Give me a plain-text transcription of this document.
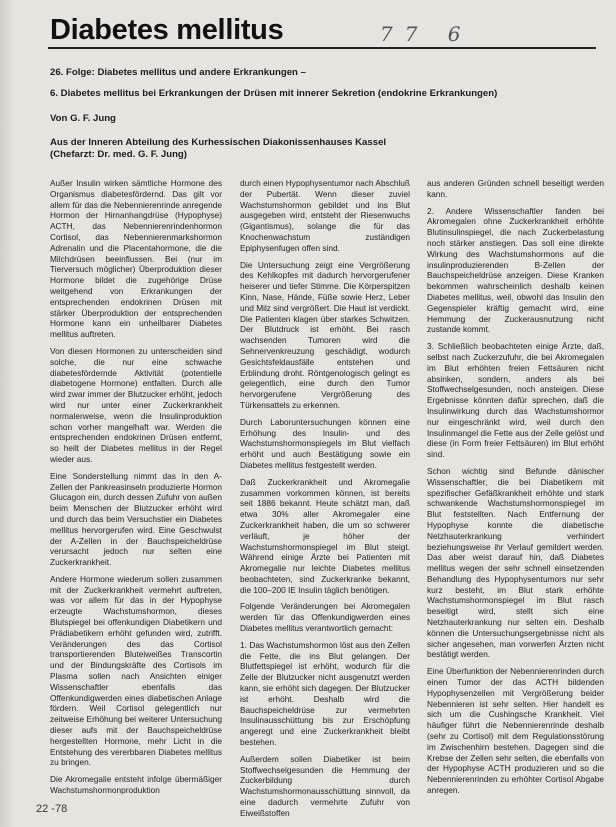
Diabetes mellitus	77 6

26. Folge: Diabetes mellitus und andere Erkrankungen –

6. Diabetes mellitus bei Erkrankungen der Drüsen mit innerer Sekretion (endokrine Erkrankungen)

Von G. F. Jung

Aus der Inneren Abteilung des Kurhessischen Diakonissenhauses Kassel

(Chefarzt: Dr. med. G. F. Jung)

Außer Insulin wirken sämtliche Hormone des Organismus diabetesfördernd. Das gilt vor allem für das die Nebennierenrinde anregende Hormon der Hirnanhangdrüse (Hypophyse) ACTH, das Nebennierenrindenhormon Cortisol, das Nebennierenmarkshormon Adrenalin und die Placentahormone, die die Milchdrüsen beeinflussen. Bei (nur im Tierversuch möglicher) Überproduktion dieser Hormone bildet die zugehörige Drüse weitgehend von Erkrankungen der entsprechenden endokrinen Drüsen mit stärker Überproduktion der entsprechenden Hormone kann ein unheilbarer Diabetes mellitus auftreten.

Von diesen Hormonen zu unterscheiden sind solche, die nur eine schwache diabetesfördernde Aktivität (potentielle diabetogene Hormone) entfalten. Durch alle wird zwar immer der Blutzucker erhöht, jedoch wird nur unter einer Zuckerkrankheit normalerweise, wenn die Insulinproduktion schon vorher mangelhaft war. Werden die entsprechenden endokrinen Drüsen entfernt, so heilt der Diabetes mellitus in der Regel wieder aus.

Eine Sonderstellung nimmt das in den A-Zellen der Pankreasinseln produzierte Hormon Glucagon ein, durch dessen Zufuhr von außen beim Menschen der Blutzucker erhöht wird und durch das beim Versuchstier ein Diabetes mellitus hervorgerufen wird. Eine Geschwulst der A-Zellen in der Bauchspeicheldrüse verursacht jedoch nur selten eine Zuckerkrankheit.

Andere Hormone wiederum sollen zusammen mit der Zuckerkrankheit vermehrt auftreten, was vor allem für das in der Hypophyse erzeugte Wachstumshormon, dieses Blutspiegel bei offenkundigen Diabetikern und Prädiabetikern erhöht gefunden wird, zutrifft. Veränderungen des das Cortisol transportierenden Bluteiweißes Transcortin und der Bindungskräfte des Cortisols im Plasma sollen nach Ansichten einiger Wissenschaftler ebenfalls das Offenkundigwerden eines diabetischen Anlage fördern. Weil Cortisol gelegentlich nur zeitweise Erhöhung bei weiterer Untersuchung dieser aufs mit der Bauchspeicheldrüse hergestellten Hormone, mehr Licht in die Entstehung des vererbbaren Diabetes mellitus zu bringen.

Die Akromegalie entsteht infolge übermäßiger Wachstumshormonproduktion

durch einen Hypophysentumor nach Abschluß der Pubertät. Wenn dieser zuviel Wachstumshormon gebildet und ins Blut ausgegeben wird, entsteht der Riesenwuchs (Gigantismus), solange die für das Knochenwachstum zuständigen Epiphysenfugen offen sind.

Die Untersuchung zeigt eine Vergrößerung des Kehlkopfes mit dadurch hervorgerufener heiserer und tiefer Stimme. Die Körperspitzen Kinn, Nase, Hände, Füße sowie Herz, Leber und Milz sind vergrößert. Die Haut ist verdickt. Die Patienten klagen über starkes Schwitzen. Der Blutdruck ist erhöht. Bei rasch wachsenden Tumoren wird die Sehnervenkreuzung geschädigt, wodurch Gesichtsfeldausfälle entstehen und Erblindung droht. Röntgenologisch gelingt es gelegentlich, eine durch den Tumor hervorgerufene Vergrößerung des Türkensattels zu erkennen.

Durch Laboruntersuchungen können eine Erhöhung des Insulin- und des Wachstumshormonspiegels im Blut vielfach erhöht und auch Bestätigung sowie ein Diabetes mellitus festgestellt werden.

Daß Zuckerkrankheit und Akromegalie zusammen vorkommen können, ist bereits seit 1886 bekannt. Heute schätzt man, daß etwa 30% aller Akromegaler eine Zuckerkrankheit haben, die um so schwerer verläuft, je höher der Wachstumshormonspiegel im Blut steigt. Während einige Ärzte bei Patienten mit Akromegalie nur leichte Diabetes mellitus beobachteten, sind Zuckerkranke bekannt, die 100–200 IE Insulin täglich benötigen.

Folgende Veränderungen bei Akromegalen werden für das Offenkundigwerden eines Diabetes mellitus verantwortlich gemacht:

1. Das Wachstumshormon löst aus den Zellen die Fette, die ins Blut gelangen. Der Blutfettspiegel ist erhöht, wodurch für die Zelle der Blutzucker nicht ausgenutzt werden kann, sie erhöht sich dagegen. Der Blutzucker ist erhöht. Deshalb wird die Bauchspeicheldrüse zur vermehrten Insulinausschüttung bis zur Erschöpfung angeregt und eine Zuckerkrankheit bleibt bestehen.

Außerdem sollen Diabetiker ist beim Stoffwechselgesunden die Hemmung der Zuckerbildung durch Wachstumshormonausschüttung sinnvoll, da eine dadurch vermehrte Zufuhr von Eiweißstoffen

aus anderen Gründen schnell beseitigt werden kann.

2. Andere Wissenschaftler fanden bei Akromegalen ohne Zuckerkrankheit erhöhte Blutinsulinspiegel, die nach Zuckerbelastung noch stärker anstiegen. Das soll eine direkte Wirkung des Wachstumshormons auf die insulinproduzierenden B-Zellen der Bauchspeicheldrüse anzeigen. Diese Kranken bekommen wahrscheinlich deshalb keinen Diabetes mellitus, weil, obwohl das Insulin den Gegenspieler kräftig gemacht wird, eine Hemmung der Zuckerausnutzung nicht zustande kommt.

3. Schließlich beobachteten einige Ärzte, daß, selbst nach Zuckerzufuhr, die bei Akromegalen im Blut erhöhten freien Fettsäuren nicht absinken, sondern, anders als bei Stoffwechselgesunden, noch ansteigen. Diese Ergebnisse könnten dafür sprechen, daß die Insulinwirkung durch das Wachstumshormor nur eingeschränkt wird, weil durch den Insulinmangel die Fette aus der Zelle gelöst und diese (in Form freier Fettsäuren) im Blut erhöht sind.

Schon wichtig sind Befunde dänischer Wissenschaftler, die bei Diabetikern mit spezifischer Gefäßkrankheit erhöhte und stark schwankende Wachstumshormonspiegel im Blut feststellten. Nach Entfernung der Hypophyse konnte die diabetische Netzhauterkrankung verhindert beziehungsweise ihr Verlauf gemildert werden. Das aber weist darauf hin, daß Diabetes mellitus wegen der sehr schnell einsetzenden Behandlung des Hypophysentumors nur sehr kurz besteht, im Blut stark erhöhte Wachstumshormonspiegel im Blut rasch beseitigt wird, stellt sich eine Netzhauterkrankung nur selten ein. Deshalb können die Untersuchungsergebnisse nicht als sicher angesehen, man vorwerfen Ärzten nicht bestätigt werden.

Eine Überfunktion der Nebennierenrinden durch einen Tumor der das ACTH bildenden Hypophysenzellen mit Vergrößerung beider Nebennieren ist sehr selten. Hier handelt es sich um die Cushingsche Krankheit. Viel häufiger führt die Nebennierenrinde deshalb (sehr zu Cortisol) mit dem Regulationsstörung im Zwischenhirn bestehen. Dagegen sind die Krebse der Zellen sehr selten, die ebenfalls von der Hypophyse ACTH produzieren und so die Nebennierenrinden zu erhöhter Cortisol Abgabe anregen.

22 -78
